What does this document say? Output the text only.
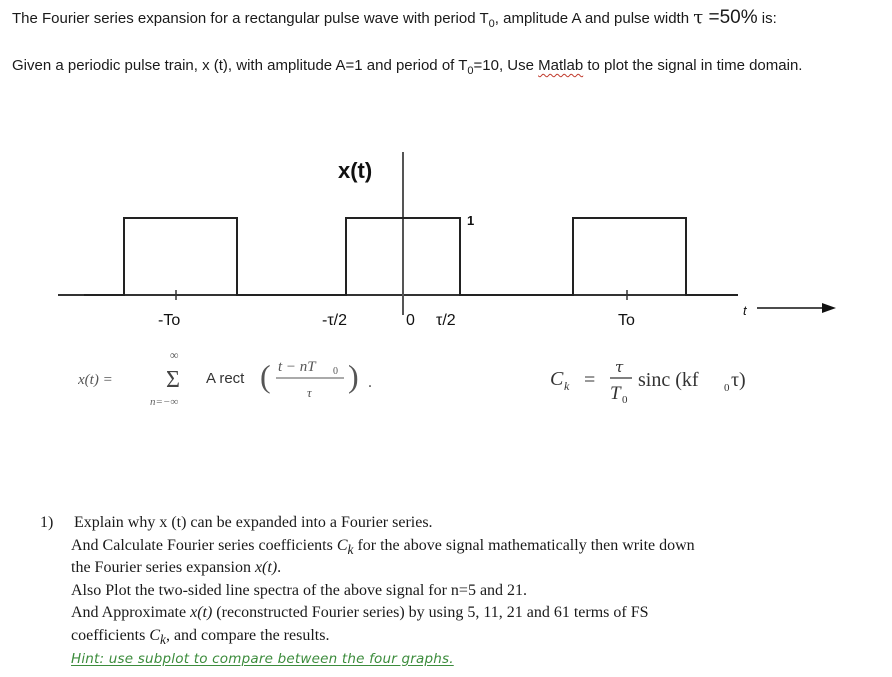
The Fourier series expansion for a rectangular pulse wave with period $T_0$, amplitude A and pulse width τ =50% is:
Given a periodic pulse train, x (t), with amplitude A=1 and period of $T_0=10$, Use Matlab to plot the signal in time domain.
x(t)
1
-To	-τ/2	0 τ/2	To
t
x(t) =
∞
Σ
n=−∞
A rect ( t − nT 0
τ ) .	C k =
τ
T 0
sinc (kf 0 τ)
1) Explain why x (t) can be expanded into a Fourier series.
And Calculate Fourier series coefficients $C_k$ for the above signal mathematically then write down
the Fourier series expansion x(t).
Also Plot the two-sided line spectra of the above signal for n=5 and 21.
And Approximate x(t) (reconstructed Fourier series) by using 5, 11, 21 and 61 terms of FS
coefficients $C_k$, and compare the results.
Hint: use subplot to compare between the four graphs.
